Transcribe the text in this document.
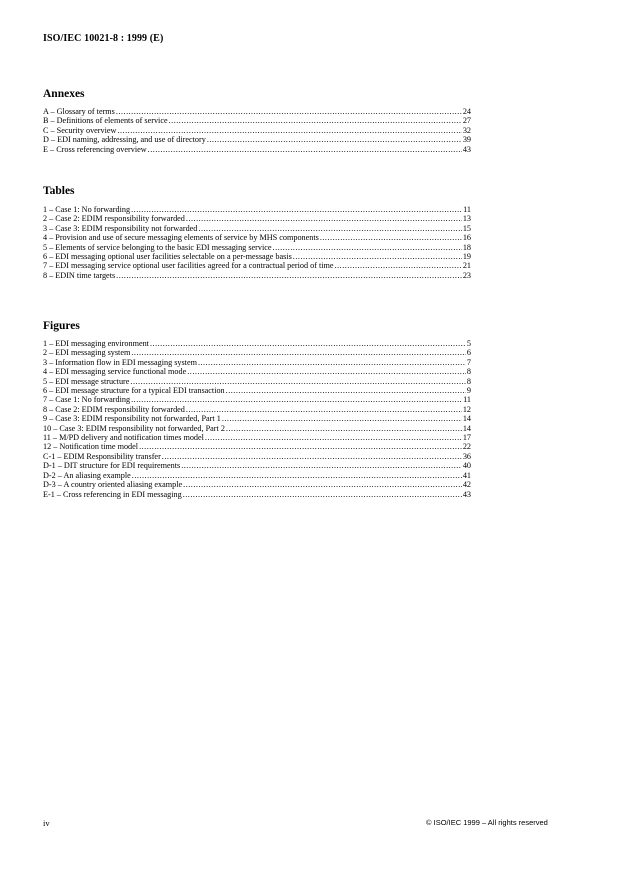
ISO/IEC 10021-8 : 1999 (E)
Annexes
A – Glossary of terms .....	24
B – Definitions of elements of service .....	27
C – Security overview .....	32
D – EDI naming, addressing, and use of directory .....	39
E – Cross referencing overview .....	43
Tables
1 – Case 1: No forwarding .....	11
2 – Case 2: EDIM responsibility forwarded .....	13
3 – Case 3: EDIM responsibility not forwarded .....	15
4 – Provision and use of secure messaging elements of service by MHS components .....	16
5 – Elements of service belonging to the basic EDI messaging service .....	18
6 – EDI messaging optional user facilities selectable on a per-message basis .....	19
7 – EDI messaging service optional user facilities agreed for a contractual period of time .....	21
8 – EDIN time targets .....	23
Figures
1 – EDI messaging environment .....	5
2 – EDI messaging system .....	6
3 – Information flow in EDI messaging system .....	7
4 – EDI messaging service functional mode .....	8
5 – EDI message structure .....	8
6 – EDI message structure for a typical EDI transaction .....	9
7 – Case 1: No forwarding .....	11
8 – Case 2: EDIM responsibility forwarded .....	12
9 – Case 3: EDIM responsibility not forwarded, Part 1 .....	14
10 – Case 3: EDIM responsibility not forwarded, Part 2 .....	14
11 – M/PD delivery and notification times model .....	17
12 – Notification time model .....	22
C-1 – EDIM Responsibility transfer .....	36
D-1 – DIT structure for EDI requirements .....	40
D-2 – An aliasing example .....	41
D-3 – A country oriented aliasing example .....	42
E-1 – Cross referencing in EDI messaging .....	43
iv	© ISO/IEC 1999 – All rights reserved
